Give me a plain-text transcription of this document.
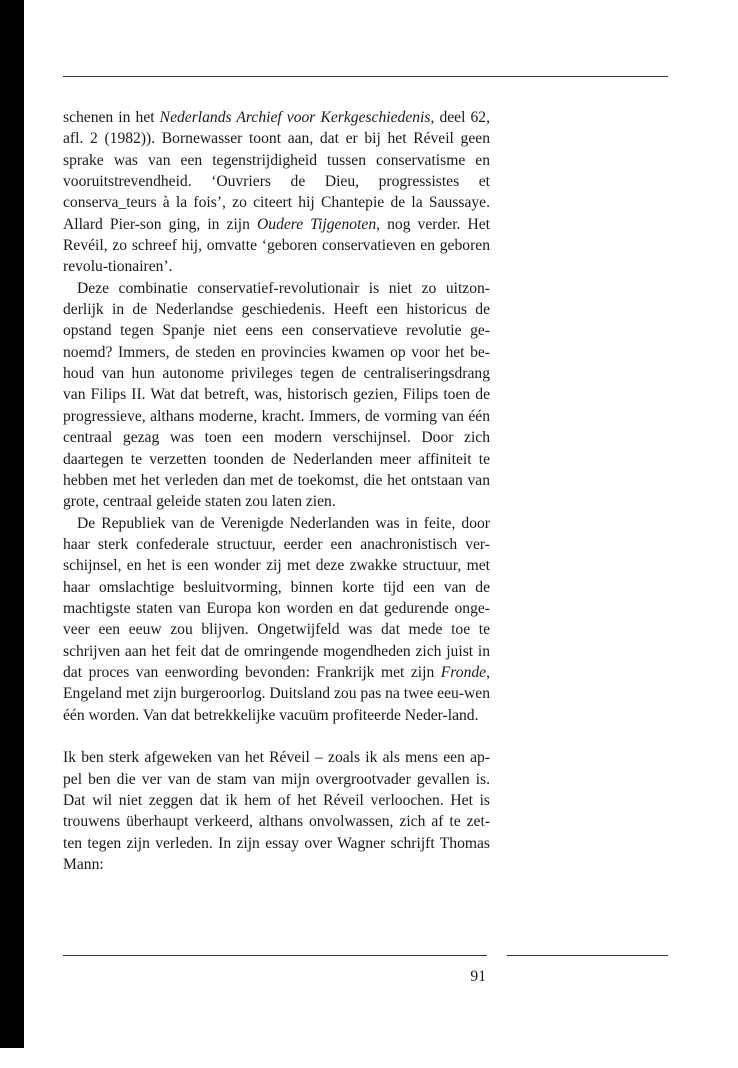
schenen in het Nederlands Archief voor Kerkgeschiedenis, deel 62, afl. 2 (1982)). Bornewasser toont aan, dat er bij het Réveil geen sprake was van een tegenstrijdigheid tussen conservatisme en vooruitstrevendheid. ‘Ouvriers de Dieu, progressistes et conserva_teurs à la fois’, zo citeert hij Chantepie de la Saussaye. Allard Pier-son ging, in zijn Oudere Tijgenoten, nog verder. Het Revéil, zo schreef hij, omvatte ‘geboren conservatieven en geboren revolu-tionairen’.

Deze combinatie conservatief-revolutionair is niet zo uitzon-derlijk in de Nederlandse geschiedenis. Heeft een historicus de opstand tegen Spanje niet eens een conservatieve revolutie ge-noemd? Immers, de steden en provincies kwamen op voor het be-houd van hun autonome privileges tegen de centraliseringsdrang van Filips II. Wat dat betreft, was, historisch gezien, Filips toen de progressieve, althans moderne, kracht. Immers, de vorming van één centraal gezag was toen een modern verschijnsel. Door zich daartegen te verzetten toonden de Nederlanden meer affiniteit te hebben met het verleden dan met de toekomst, die het ontstaan van grote, centraal geleide staten zou laten zien.

De Republiek van de Verenigde Nederlanden was in feite, door haar sterk confederale structuur, eerder een anachronistisch ver-schijnsel, en het is een wonder zij met deze zwakke structuur, met haar omslachtige besluitvorming, binnen korte tijd een van de machtigste staten van Europa kon worden en dat gedurende onge-veer een eeuw zou blijven. Ongetwijfeld was dat mede toe te schrijven aan het feit dat de omringende mogendheden zich juist in dat proces van eenwording bevonden: Frankrijk met zijn Fronde, Engeland met zijn burgeroorlog. Duitsland zou pas na twee eeu-wen één worden. Van dat betrekkelijke vacuüm profiteerde Neder-land.

Ik ben sterk afgeweken van het Réveil – zoals ik als mens een ap-pel ben die ver van de stam van mijn overgrootvader gevallen is. Dat wil niet zeggen dat ik hem of het Réveil verloochen. Het is trouwens überhaupt verkeerd, althans onvolwassen, zich af te zet-ten tegen zijn verleden. In zijn essay over Wagner schrijft Thomas Mann:

91
